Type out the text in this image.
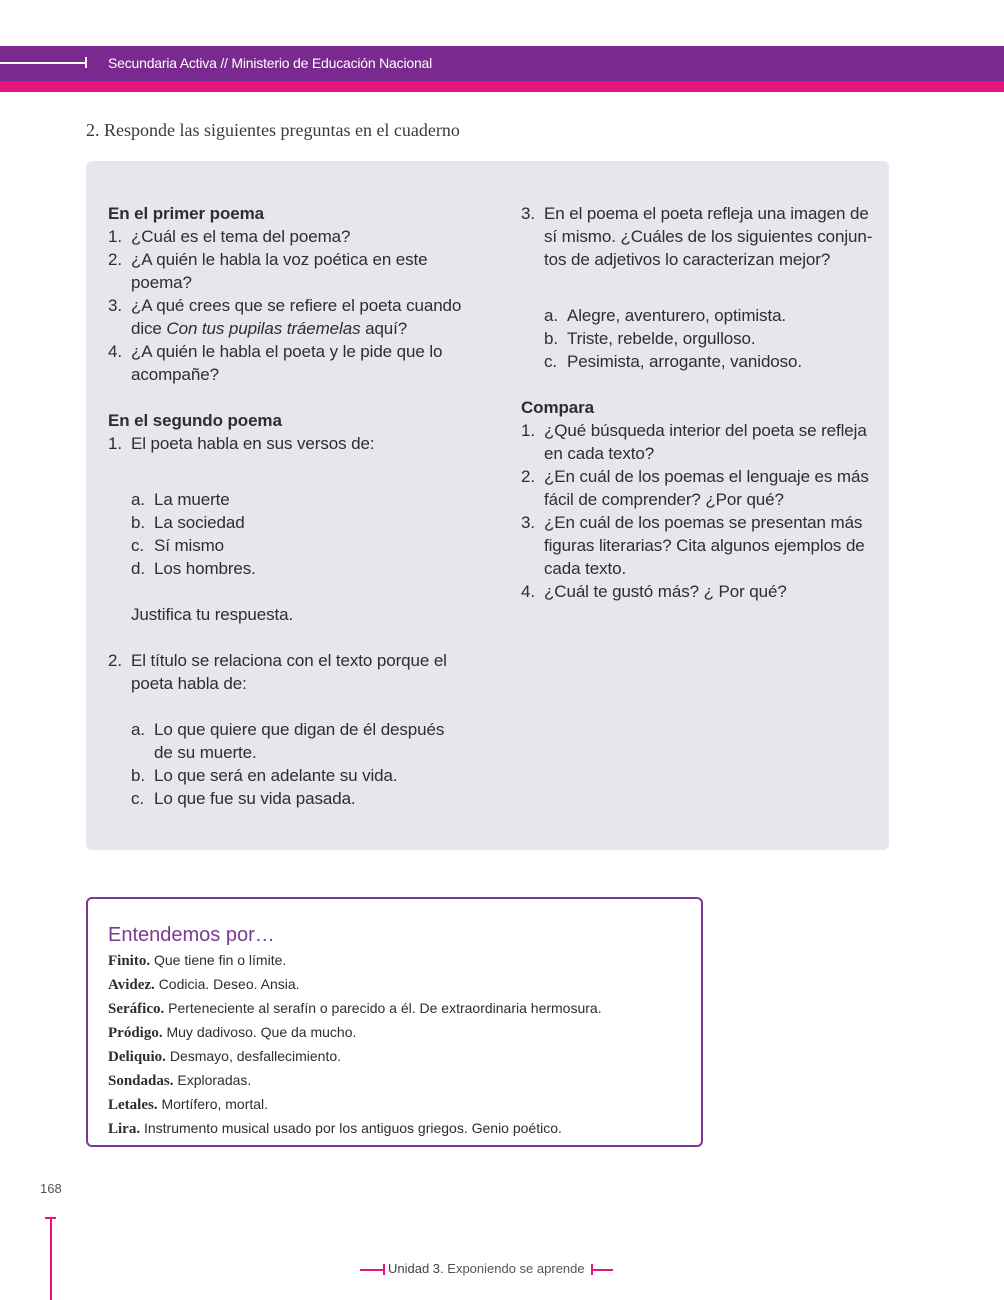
Secundaria Activa // Ministerio de Educación Nacional
2. Responde las siguientes preguntas en el cuaderno
En el primer poema
1. ¿Cuál es el tema del poema?
2. ¿A quién le habla la voz poética en este
poema?
3. ¿A qué crees que se refiere el poeta cuando
dice Con tus pupilas tráemelas aquí?
4. ¿A quién le habla el poeta y le pide que lo
acompañe?
En el segundo poema
1. El poeta habla en sus versos de:
a. La muerte
b. La sociedad
c. Sí mismo
d. Los hombres.
Justifica tu respuesta.
2. El título se relaciona con el texto porque el
poeta habla de:
a. Lo que quiere que digan de él después
de su muerte.
b. Lo que será en adelante su vida.
c. Lo que fue su vida pasada.
3. En el poema el poeta refleja una imagen de
sí mismo. ¿Cuáles de los siguientes conjun-
tos de adjetivos lo caracterizan mejor?
a. Alegre, aventurero, optimista.
b. Triste, rebelde, orgulloso.
c. Pesimista, arrogante, vanidoso.
Compara
1. ¿Qué búsqueda interior del poeta se refleja
en cada texto?
2. ¿En cuál de los poemas el lenguaje es más
fácil de comprender? ¿Por qué?
3. ¿En cuál de los poemas se presentan más
figuras literarias? Cita algunos ejemplos de
cada texto.
4. ¿Cuál te gustó más? ¿ Por qué?
Entendemos por…
Finito. Que tiene fin o límite.
Avidez. Codicia. Deseo. Ansia.
Seráfico. Perteneciente al serafín o parecido a él. De extraordinaria hermosura.
Pródigo. Muy dadivoso. Que da mucho.
Deliquio. Desmayo, desfallecimiento.
Sondadas. Exploradas.
Letales. Mortífero, mortal.
Lira. Instrumento musical usado por los antiguos griegos. Genio poético.
168
Unidad 3. Exponiendo se aprende
